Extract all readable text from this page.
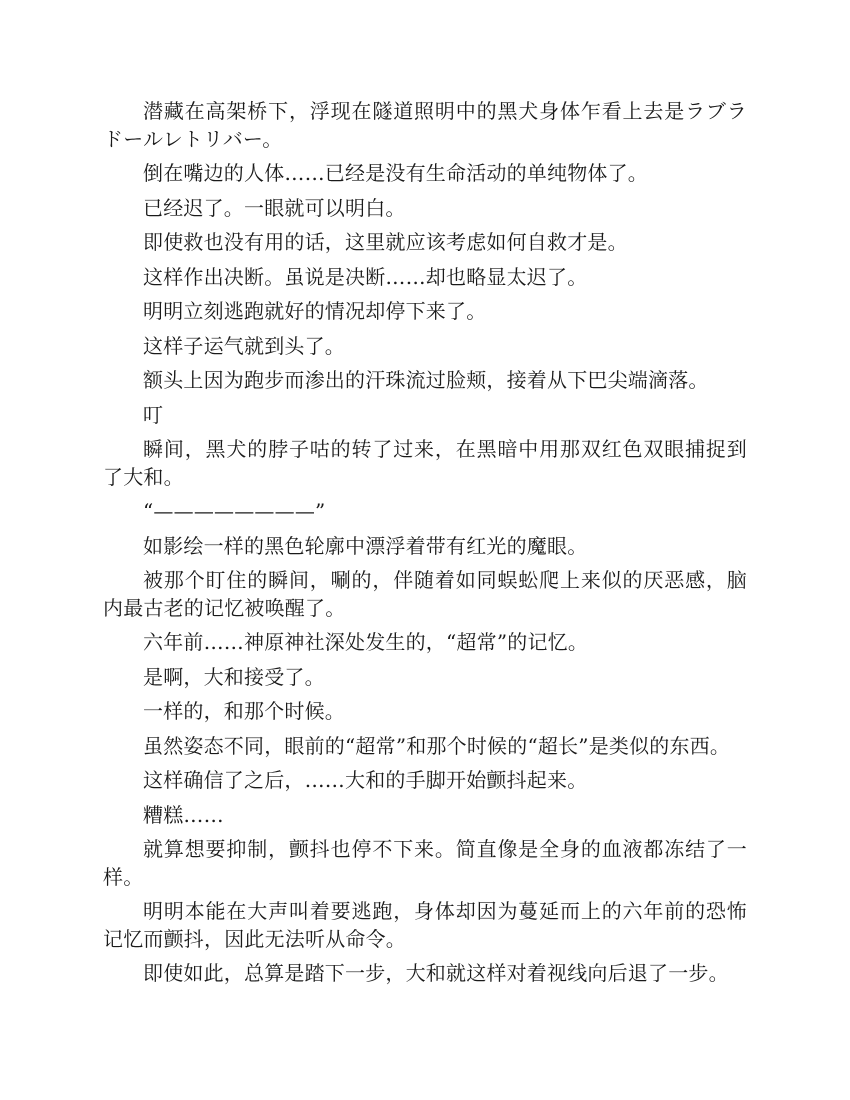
潜藏在高架桥下，浮现在隧道照明中的黑犬身体乍看上去是ラブラドールレトリバー。

倒在嘴边的人体……已经是没有生命活动的单纯物体了。

已经迟了。一眼就可以明白。

即使救也没有用的话，这里就应该考虑如何自救才是。

这样作出决断。虽说是决断……却也略显太迟了。

明明立刻逃跑就好的情况却停下来了。

这样子运气就到头了。

额头上因为跑步而渗出的汗珠流过脸颊，接着从下巴尖端滴落。

叮

瞬间，黑犬的脖子咕的转了过来，在黑暗中用那双红色双眼捕捉到了大和。

“————————”

如影绘一样的黑色轮廓中漂浮着带有红光的魔眼。

被那个盯住的瞬间，唰的，伴随着如同蜈蚣爬上来似的厌恶感，脑内最古老的记忆被唤醒了。

六年前……神原神社深处发生的，“超常”的记忆。

是啊，大和接受了。

一样的，和那个时候。

虽然姿态不同，眼前的“超常”和那个时候的“超长”是类似的东西。

这样确信了之后，……大和的手脚开始颤抖起来。

糟糕……

就算想要抑制，颤抖也停不下来。简直像是全身的血液都冻结了一样。

明明本能在大声叫着要逃跑，身体却因为蔓延而上的六年前的恐怖记忆而颤抖，因此无法听从命令。

即使如此，总算是踏下一步，大和就这样对着视线向后退了一步。
